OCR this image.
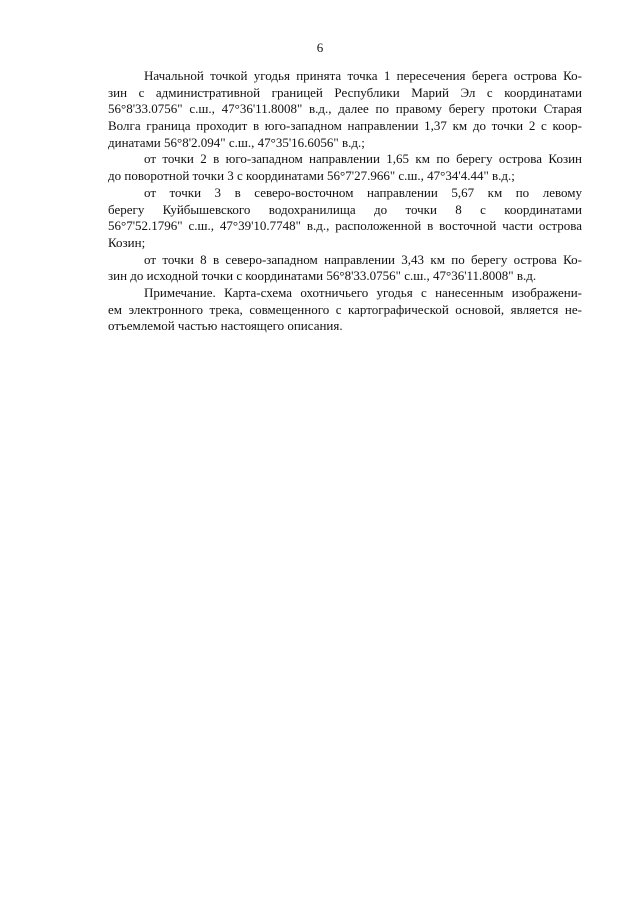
6

Начальной точкой угодья принята точка 1 пересечения берега острова Ко-
зин с административной границей Республики Марий Эл с координатами
56°8'33.0756" с.ш., 47°36'11.8008" в.д., далее по правому берегу протоки Старая
Волга граница проходит в юго-западном направлении 1,37 км до точки 2 с коор-
динатами 56°8'2.094" с.ш., 47°35'16.6056" в.д.;

от точки 2 в юго-западном направлении 1,65 км по берегу острова Козин
до поворотной точки 3 с координатами 56°7'27.966" с.ш., 47°34'4.44" в.д.;

от точки 3 в северо-восточном направлении 5,67 км по левому
берегу Куйбышевского водохранилища до точки 8 с координатами
56°7'52.1796" с.ш., 47°39'10.7748" в.д., расположенной в восточной части острова
Козин;

от точки 8 в северо-западном направлении 3,43 км по берегу острова Ко-
зин до исходной точки с координатами 56°8'33.0756" с.ш., 47°36'11.8008" в.д.

Примечание. Карта-схема охотничьего угодья с нанесенным изображени-
ем электронного трека, совмещенного с картографической основой, является не-
отъемлемой частью настоящего описания.
